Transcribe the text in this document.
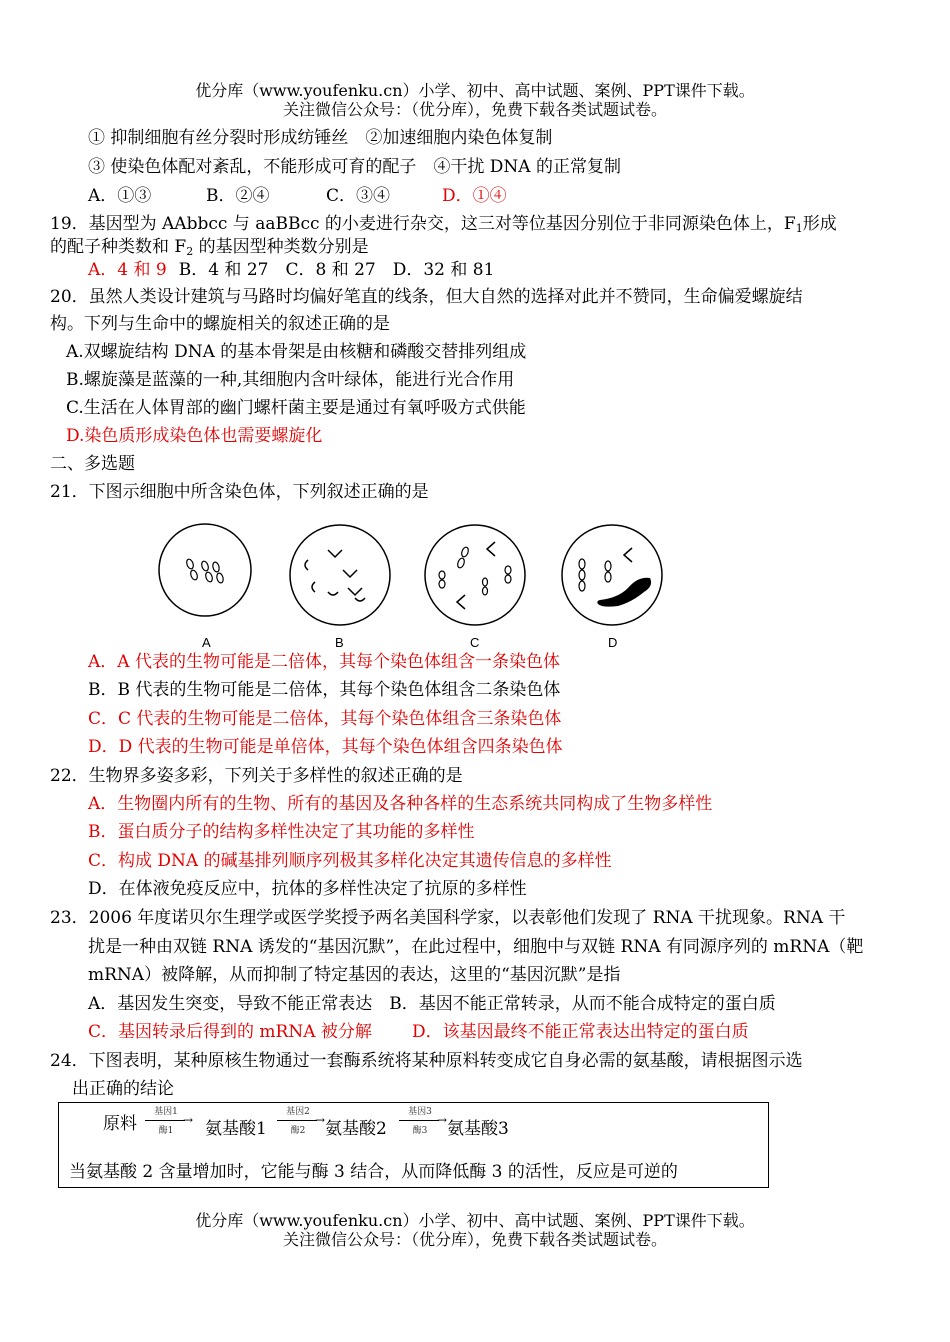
优分库（www.youfenku.cn）小学、初中、高中试题、案例、PPT课件下载。
关注微信公众号：（优分库），免费下载各类试题试卷。
① 抑制细胞有丝分裂时形成纺锤丝　②加速细胞内染色体复制
③ 使染色体配对紊乱，不能形成可育的配子　④干扰 DNA 的正常复制
A．①③	B．②④	C．③④	D．①④
19．基因型为 AAbbcc 与 aaBBcc 的小麦进行杂交，这三对等位基因分别位于非同源染色体上，$F_1$形成
的配子种类数和 $F_2$ 的基因型种类数分别是
A．4 和 9 B．4 和 27　C．8 和 27　D．32 和 81
20．虽然人类设计建筑与马路时均偏好笔直的线条，但大自然的选择对此并不赞同，生命偏爱螺旋结
构。下列与生命中的螺旋相关的叙述正确的是
A.双螺旋结构 DNA 的基本骨架是由核糖和磷酸交替排列组成
B.螺旋藻是蓝藻的一种,其细胞内含叶绿体，能进行光合作用
C.生活在人体胃部的幽门螺杆菌主要是通过有氧呼吸方式供能
D.染色质形成染色体也需要螺旋化
二、多选题
21．下图示细胞中所含染色体，下列叙述正确的是
A	B	C	D
A．A 代表的生物可能是二倍体，其每个染色体组含一条染色体
B．B 代表的生物可能是二倍体，其每个染色体组含二条染色体
C．C 代表的生物可能是二倍体，其每个染色体组含三条染色体
D．D 代表的生物可能是单倍体，其每个染色体组含四条染色体
22．生物界多姿多彩，下列关于多样性的叙述正确的是
A．生物圈内所有的生物、所有的基因及各种各样的生态系统共同构成了生物多样性
B．蛋白质分子的结构多样性决定了其功能的多样性
C．构成 DNA 的碱基排列顺序列极其多样化决定其遗传信息的多样性
D．在体液免疫反应中，抗体的多样性决定了抗原的多样性
23．2006 年度诺贝尔生理学或医学奖授予两名美国科学家，以表彰他们发现了 RNA 干扰现象。RNA 干
扰是一种由双链 RNA 诱发的“基因沉默”，在此过程中，细胞中与双链 RNA 有同源序列的 mRNA（靶
mRNA）被降解，从而抑制了特定基因的表达，这里的“基因沉默”是指
A．基因发生突变，导致不能正常表达　B．基因不能正常转录，从而不能合成特定的蛋白质
C．基因转录后得到的 mRNA 被分解 D．该基因最终不能正常表达出特定的蛋白质
24．下图表明，某种原核生物通过一套酶系统将某种原料转变成它自身必需的氨基酸，请根据图示选
出正确的结论
原料
基因1
→
酶1	氨基酸1
基因2
→
酶2	氨基酸2
基因3
→
酶3	氨基酸3
当氨基酸 2 含量增加时，它能与酶 3 结合，从而降低酶 3 的活性，反应是可逆的
优分库（www.youfenku.cn）小学、初中、高中试题、案例、PPT课件下载。
关注微信公众号：（优分库），免费下载各类试题试卷。
